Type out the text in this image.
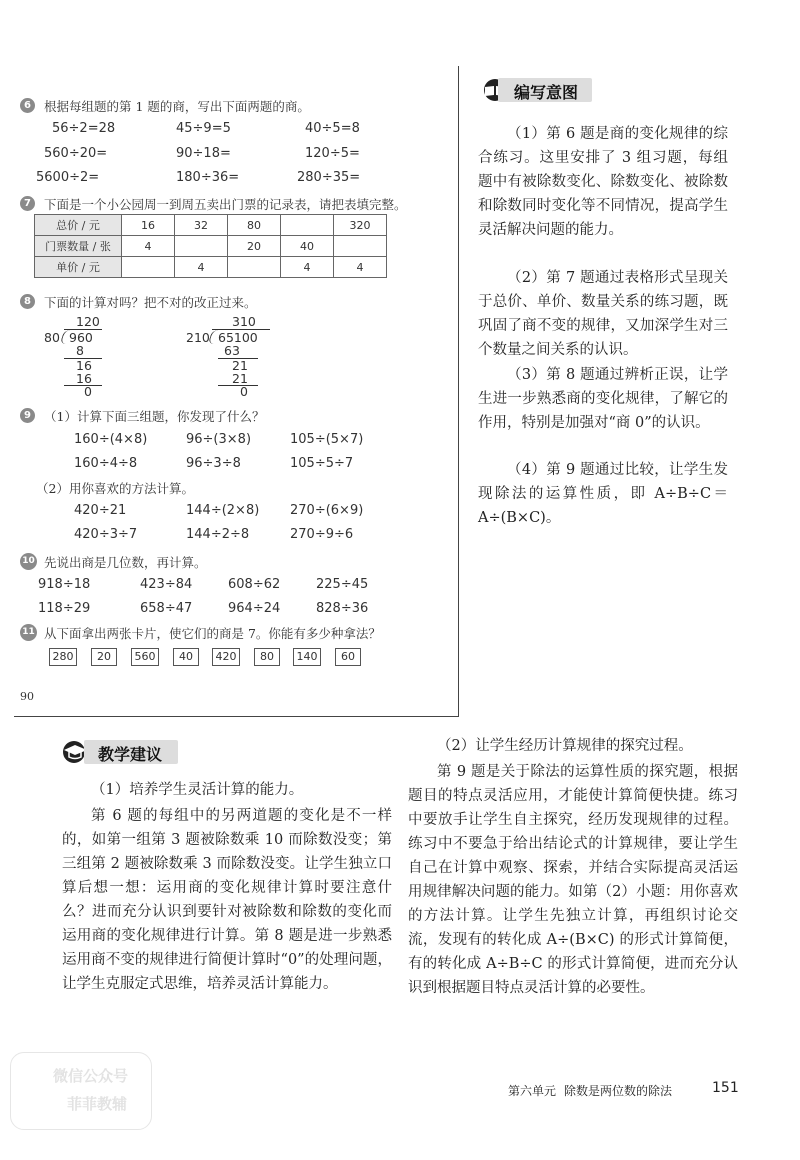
6	根据每组题的第 1 题的商，写出下面两题的商。
56÷2=28	45÷9=5	40÷5=8
560÷20=	90÷18=	120÷5=
5600÷2=	180÷36=	280÷35=
7	下面是一个小公园周一到周五卖出门票的记录表，请把表填完整。
总价 / 元	16	32	80		320
门票数量 / 张	4		20	40	
单价 / 元		4		4	4
8	下面的计算对吗？把不对的改正过来。
120
80 960
8
16
16
0
310
210 65100
63
21
21
0
9	（1）计算下面三组题，你发现了什么？
160÷(4×8)	96÷(3×8)	105÷(5×7)
160÷4÷8	96÷3÷8	105÷5÷7
（2）用你喜欢的方法计算。
420÷21	144÷(2×8) 270÷(6×9)
420÷3÷7	144÷2÷8	270÷9÷6
10 先说出商是几位数，再计算。
918÷18	423÷84	608÷62	225÷45
118÷29	658÷47	964÷24	828÷36
11 从下面拿出两张卡片，使它们的商是 7。你能有多少种拿法？
280	20	560	40	420	80	140	60
90
编写意图

（1）第 6 题是商的变化规律的综合练习。这里安排了 3 组习题，每组题中有被除数变化、除数变化、被除数和除数同时变化等不同情况，提高学生灵活解决问题的能力。

（2）第 7 题通过表格形式呈现关于总价、单价、数量关系的练习题，既巩固了商不变的规律，又加深学生对三个数量之间关系的认识。

（3）第 8 题通过辨析正误，让学生进一步熟悉商的变化规律，了解它的作用，特别是加强对“商 0”的认识。

（4）第 9 题通过比较，让学生发现除法的运算性质，即 A÷B÷C＝A÷(B×C)。

教学建议

（1）培养学生灵活计算的能力。

第 6 题的每组中的另两道题的变化是不一样的，如第一组第 3 题被除数乘 10 而除数没变；第三组第 2 题被除数乘 3 而除数没变。让学生独立口算后想一想：运用商的变化规律计算时要注意什么？进而充分认识到要针对被除数和除数的变化而运用商的变化规律进行计算。第 8 题是进一步熟悉运用商不变的规律进行简便计算时“0”的处理问题，让学生克服定式思维，培养灵活计算能力。

（2）让学生经历计算规律的探究过程。

第 9 题是关于除法的运算性质的探究题，根据题目的特点灵活应用，才能使计算简便快捷。练习中要放手让学生自主探究，经历发现规律的过程。练习中不要急于给出结论式的计算规律，要让学生自己在计算中观察、探索，并结合实际提高灵活运用规律解决问题的能力。如第（2）小题：用你喜欢的方法计算。让学生先独立计算，再组织讨论交流，发现有的转化成 A÷(B×C) 的形式计算简便，有的转化成 A÷B÷C 的形式计算简便，进而充分认识到根据题目特点灵活计算的必要性。

第六单元 除数是两位数的除法	151
微信公众号
菲菲教辅
